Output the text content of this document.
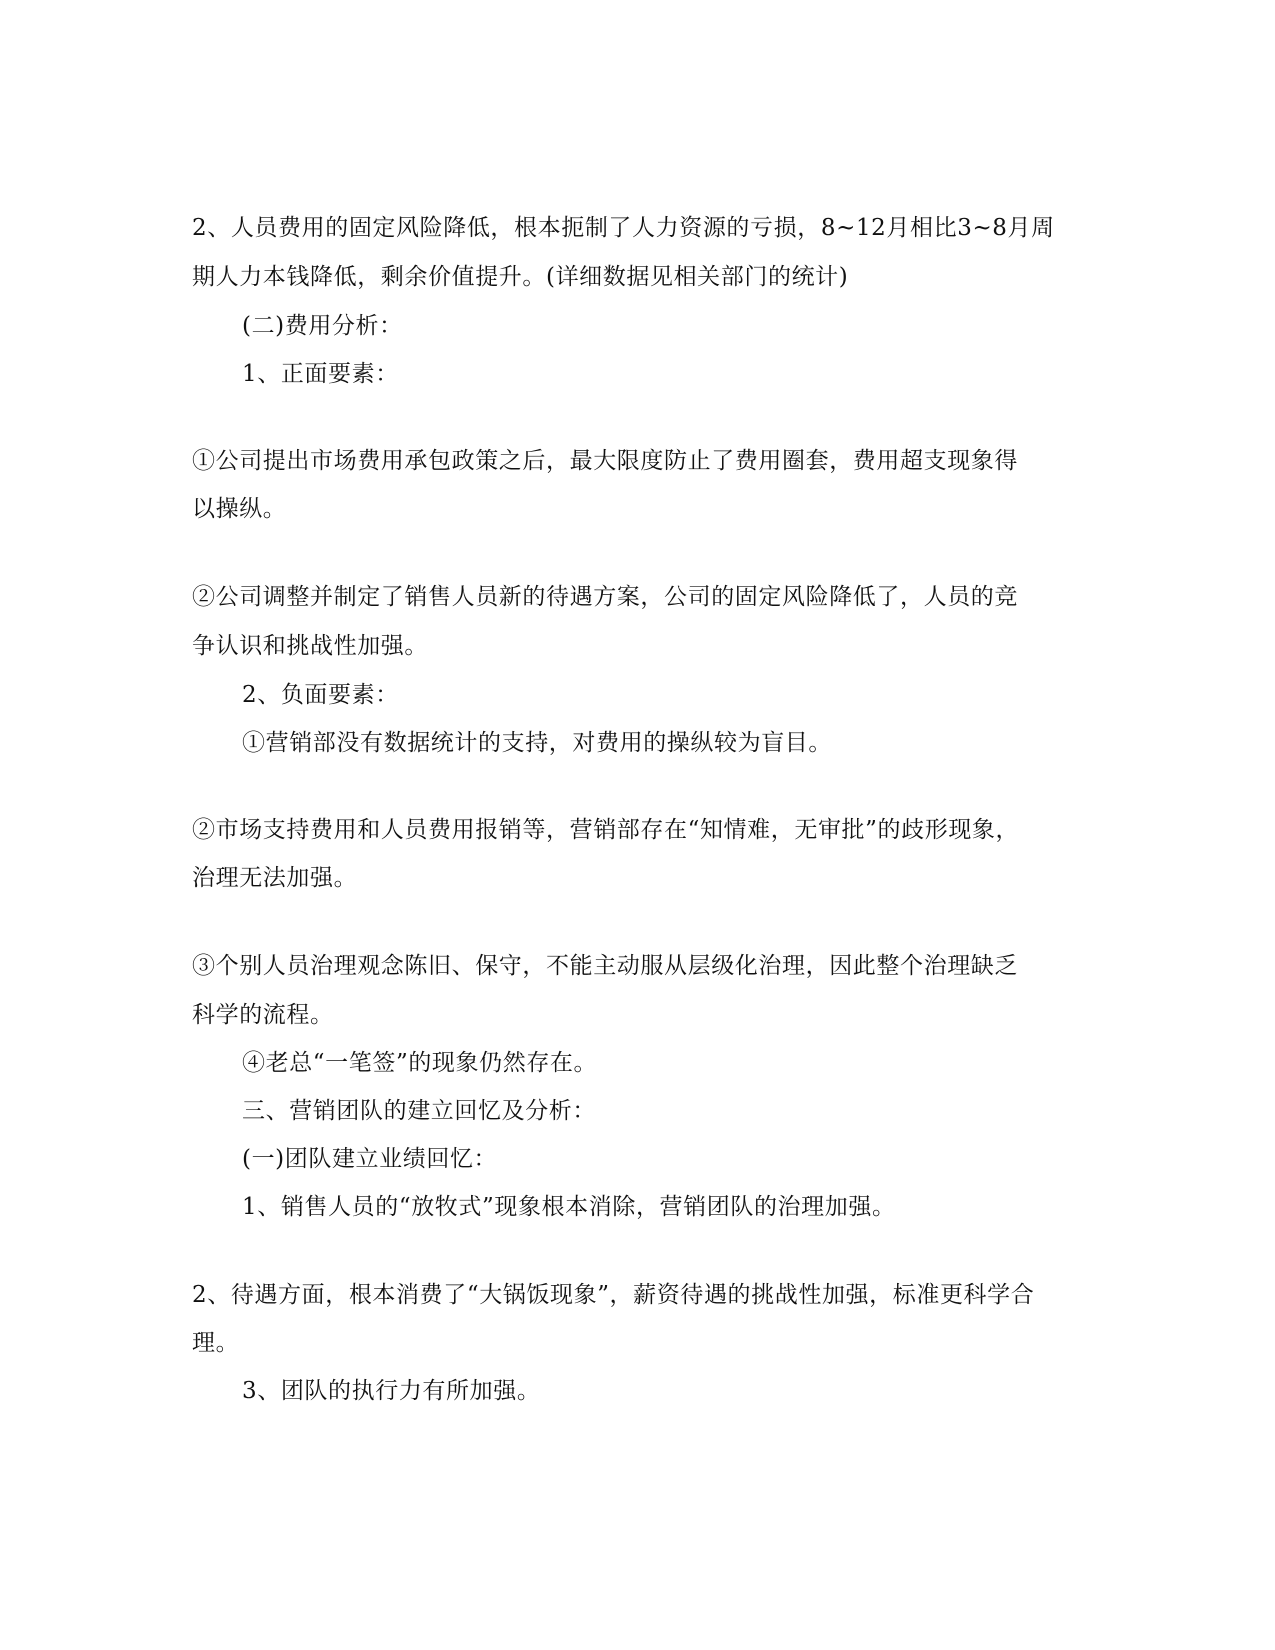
2、人员费用的固定风险降低，根本扼制了人力资源的亏损，8~12月相比3~8月周
期人力本钱降低，剩余价值提升。(详细数据见相关部门的统计)
(二)费用分析：
1、正面要素：
①公司提出市场费用承包政策之后，最大限度防止了费用圈套，费用超支现象得
以操纵。
②公司调整并制定了销售人员新的待遇方案，公司的固定风险降低了，人员的竞
争认识和挑战性加强。
2、负面要素：
①营销部没有数据统计的支持，对费用的操纵较为盲目。
②市场支持费用和人员费用报销等，营销部存在“知情难，无审批”的歧形现象，
治理无法加强。
③个别人员治理观念陈旧、保守，不能主动服从层级化治理，因此整个治理缺乏
科学的流程。
④老总“一笔签”的现象仍然存在。
三、营销团队的建立回忆及分析：
(一)团队建立业绩回忆：
1、销售人员的“放牧式”现象根本消除，营销团队的治理加强。
2、待遇方面，根本消费了“大锅饭现象”，薪资待遇的挑战性加强，标准更科学合
理。
3、团队的执行力有所加强。
